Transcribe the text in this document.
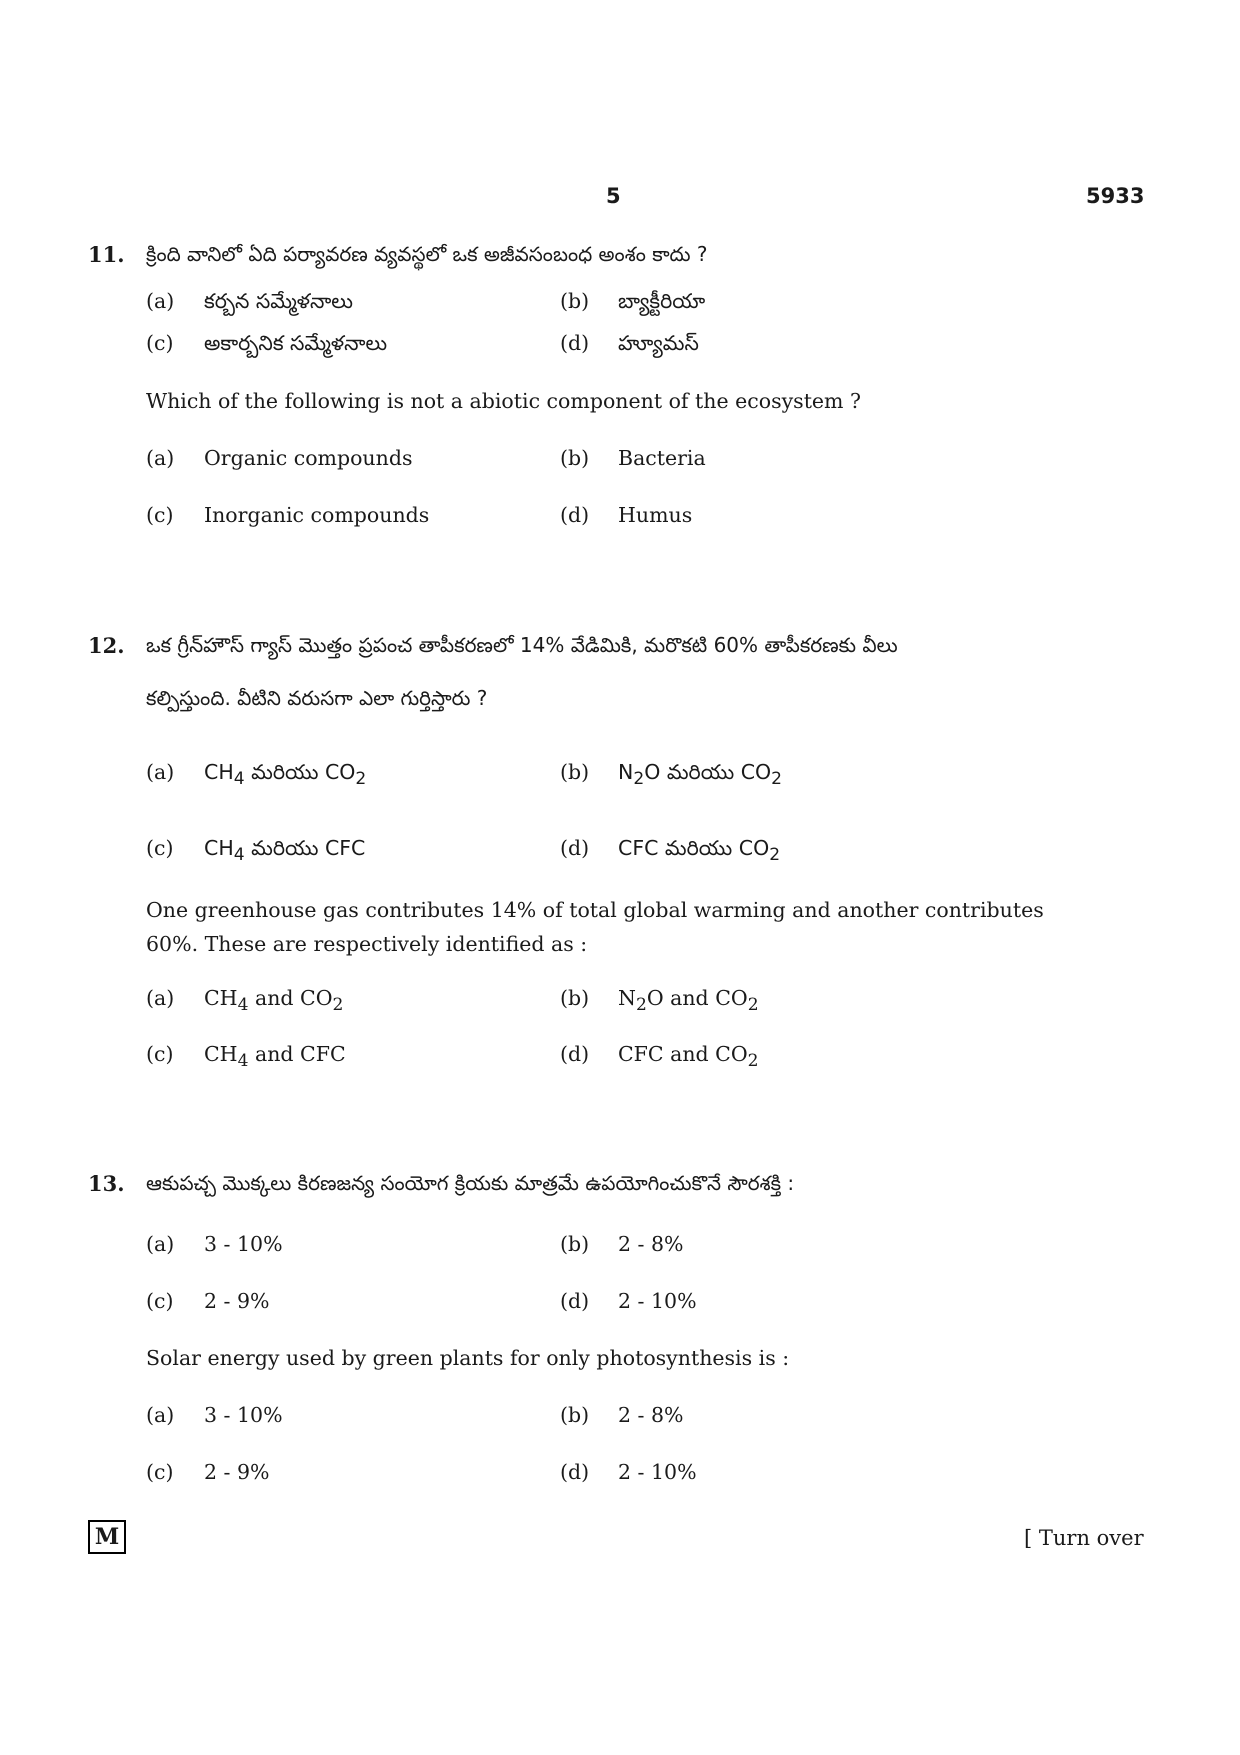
5	5933
11. క్రింది వానిలో ఏది పర్యావరణ వ్యవస్థలో ఒక అజీవసంబంధ అంశం కాదు ?
(a) కర్బన సమ్మేళనాలు	(b) బ్యాక్టీరియా
(c) అకార్బనిక సమ్మేళనాలు	(d) హ్యూమస్
Which of the following is not a abiotic component of the ecosystem ?
(a) Organic compounds	(b) Bacteria
(c) Inorganic compounds	(d) Humus
12. ఒక గ్రీన్‌హౌస్ గ్యాస్ మొత్తం ప్రపంచ తాపీకరణలో 14% వేడిమికి, మరొకటి 60% తాపీకరణకు వీలు
కల్పిస్తుంది. వీటిని వరుసగా ఎలా గుర్తిస్తారు ?
(a) $CH_4$ మరియు $CO_2$	(b) $N_2O$ మరియు $CO_2$
(c) $CH_4$ మరియు CFC	(d) CFC మరియు $CO_2$
One greenhouse gas contributes 14% of total global warming and another contributes
60%. These are respectively identified as :
(a) $CH_4$ and $CO_2$	(b) $N_2O$ and $CO_2$
(c) $CH_4$ and CFC	(d) CFC and $CO_2$
13. ఆకుపచ్చ మొక్కలు కిరణజన్య సంయోగ క్రియకు మాత్రమే ఉపయోగించుకొనే సౌరశక్తి :
(a) 3 - 10%	(b) 2 - 8%
(c) 2 - 9%	(d) 2 - 10%
Solar energy used by green plants for only photosynthesis is :
(a) 3 - 10%	(b) 2 - 8%
(c) 2 - 9%	(d) 2 - 10%
M	[ Turn over
